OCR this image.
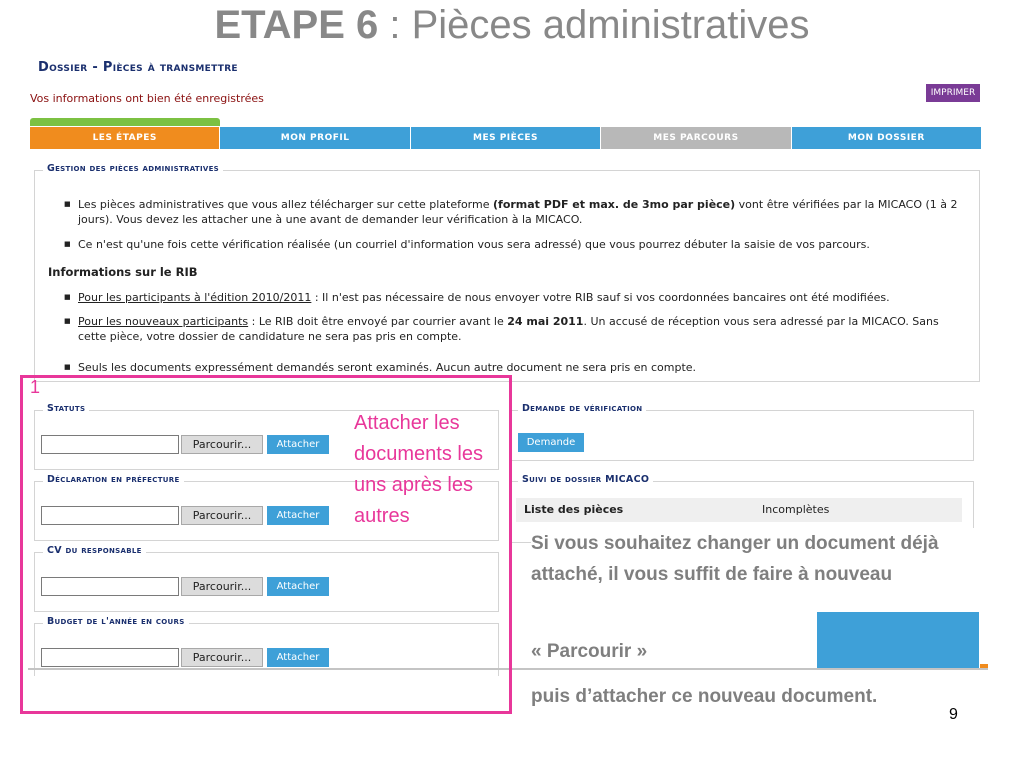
ETAPE 6 : Pièces administratives
Dossier - Pièces à transmettre
Vos informations ont bien été enregistrées	IMPRIMER
LES ÉTAPES	MON PROFIL	MES PIÈCES	MES PARCOURS	MON DOSSIER
Gestion des pièces administratives
■ Les pièces administratives que vous allez télécharger sur cette plateforme (format PDF et max. de 3mo par pièce) vont être vérifiées par la MICACO (1 à 2
jours). Vous devez les attacher une à une avant de demander leur vérification à la MICACO.
■ Ce n'est qu'une fois cette vérification réalisée (un courriel d'information vous sera adressé) que vous pourrez débuter la saisie de vos parcours.
Informations sur le RIB
■ Pour les participants à l'édition 2010/2011 : Il n'est pas nécessaire de nous envoyer votre RIB sauf si vos coordonnées bancaires ont été modifiées.
■ Pour les nouveaux participants : Le RIB doit être envoyé par courrier avant le 24 mai 2011. Un accusé de réception vous sera adressé par la MICACO. Sans
cette pièce, votre dossier de candidature ne sera pas pris en compte.
■ Seuls les documents expressément demandés seront examinés. Aucun autre document ne sera pris en compte.
Statuts
Parcourir...	Attacher
Déclaration en préfecture
Parcourir...	Attacher
CV du responsable
Parcourir...	Attacher
Budget de l'année en cours
Parcourir...	Attacher
Demande de vérification
Demande
Suivi de dossier MICACO
Liste des pièces	Incomplètes
1
Attacher les documents les uns après les autres
Si vous souhaitez changer un document déjà attaché, il vous suffit de faire à nouveau
« Parcourir »
puis d’attacher ce nouveau document.
9
